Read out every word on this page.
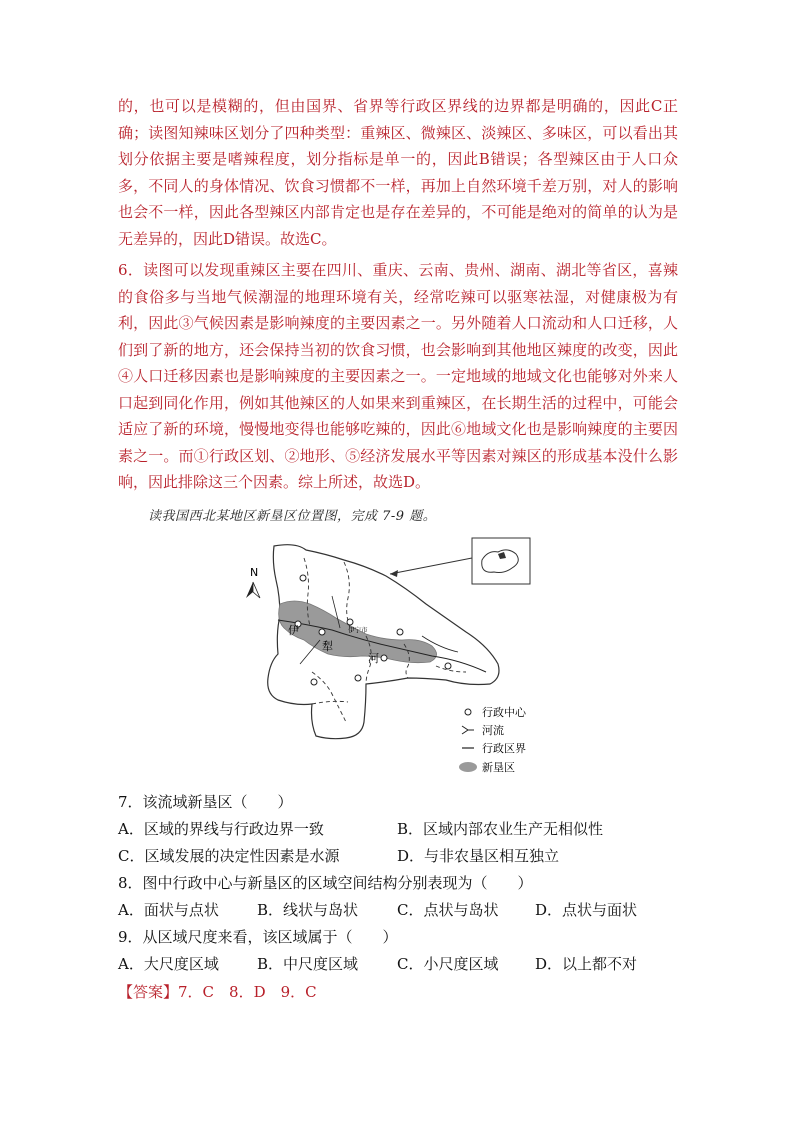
的，也可以是模糊的，但由国界、省界等行政区界线的边界都是明确的，因此C正确；读图知辣味区划分了四种类型：重辣区、微辣区、淡辣区、多味区，可以看出其划分依据主要是嗜辣程度，划分指标是单一的，因此B错误；各型辣区由于人口众多，不同人的身体情况、饮食习惯都不一样，再加上自然环境千差万别，对人的影响也会不一样，因此各型辣区内部肯定也是存在差异的，不可能是绝对的简单的认为是无差异的，因此D错误。故选C。
6．读图可以发现重辣区主要在四川、重庆、云南、贵州、湖南、湖北等省区，喜辣的食俗多与当地气候潮湿的地理环境有关，经常吃辣可以驱寒祛湿，对健康极为有利，因此③气候因素是影响辣度的主要因素之一。另外随着人口流动和人口迁移，人们到了新的地方，还会保持当初的饮食习惯，也会影响到其他地区辣度的改变，因此④人口迁移因素也是影响辣度的主要因素之一。一定地域的地域文化也能够对外来人口起到同化作用，例如其他辣区的人如果来到重辣区，在长期生活的过程中，可能会适应了新的环境，慢慢地变得也能够吃辣的，因此⑥地域文化也是影响辣度的主要因素之一。而①行政区划、②地形、⑤经济发展水平等因素对辣区的形成基本没什么影响，因此排除这三个因素。综上所述，故选D。
读我国西北某地区新垦区位置图，完成 7-9 题。
N
伊
犁
河
伊宁市
行政中心
河流
行政区界
新垦区
7．该流域新垦区（　　）
A．区域的界线与行政边界一致	B．区域内部农业生产无相似性
C．区域发展的决定性因素是水源	D．与非农垦区相互独立
8．图中行政中心与新垦区的区域空间结构分别表现为（　　）
A．面状与点状	B．线状与岛状	C．点状与岛状 D．点状与面状
9．从区域尺度来看，该区域属于（　　）
A．大尺度区域	B．中尺度区域	C．小尺度区域 D．以上都不对
【答案】7．C　8．D　9．C
